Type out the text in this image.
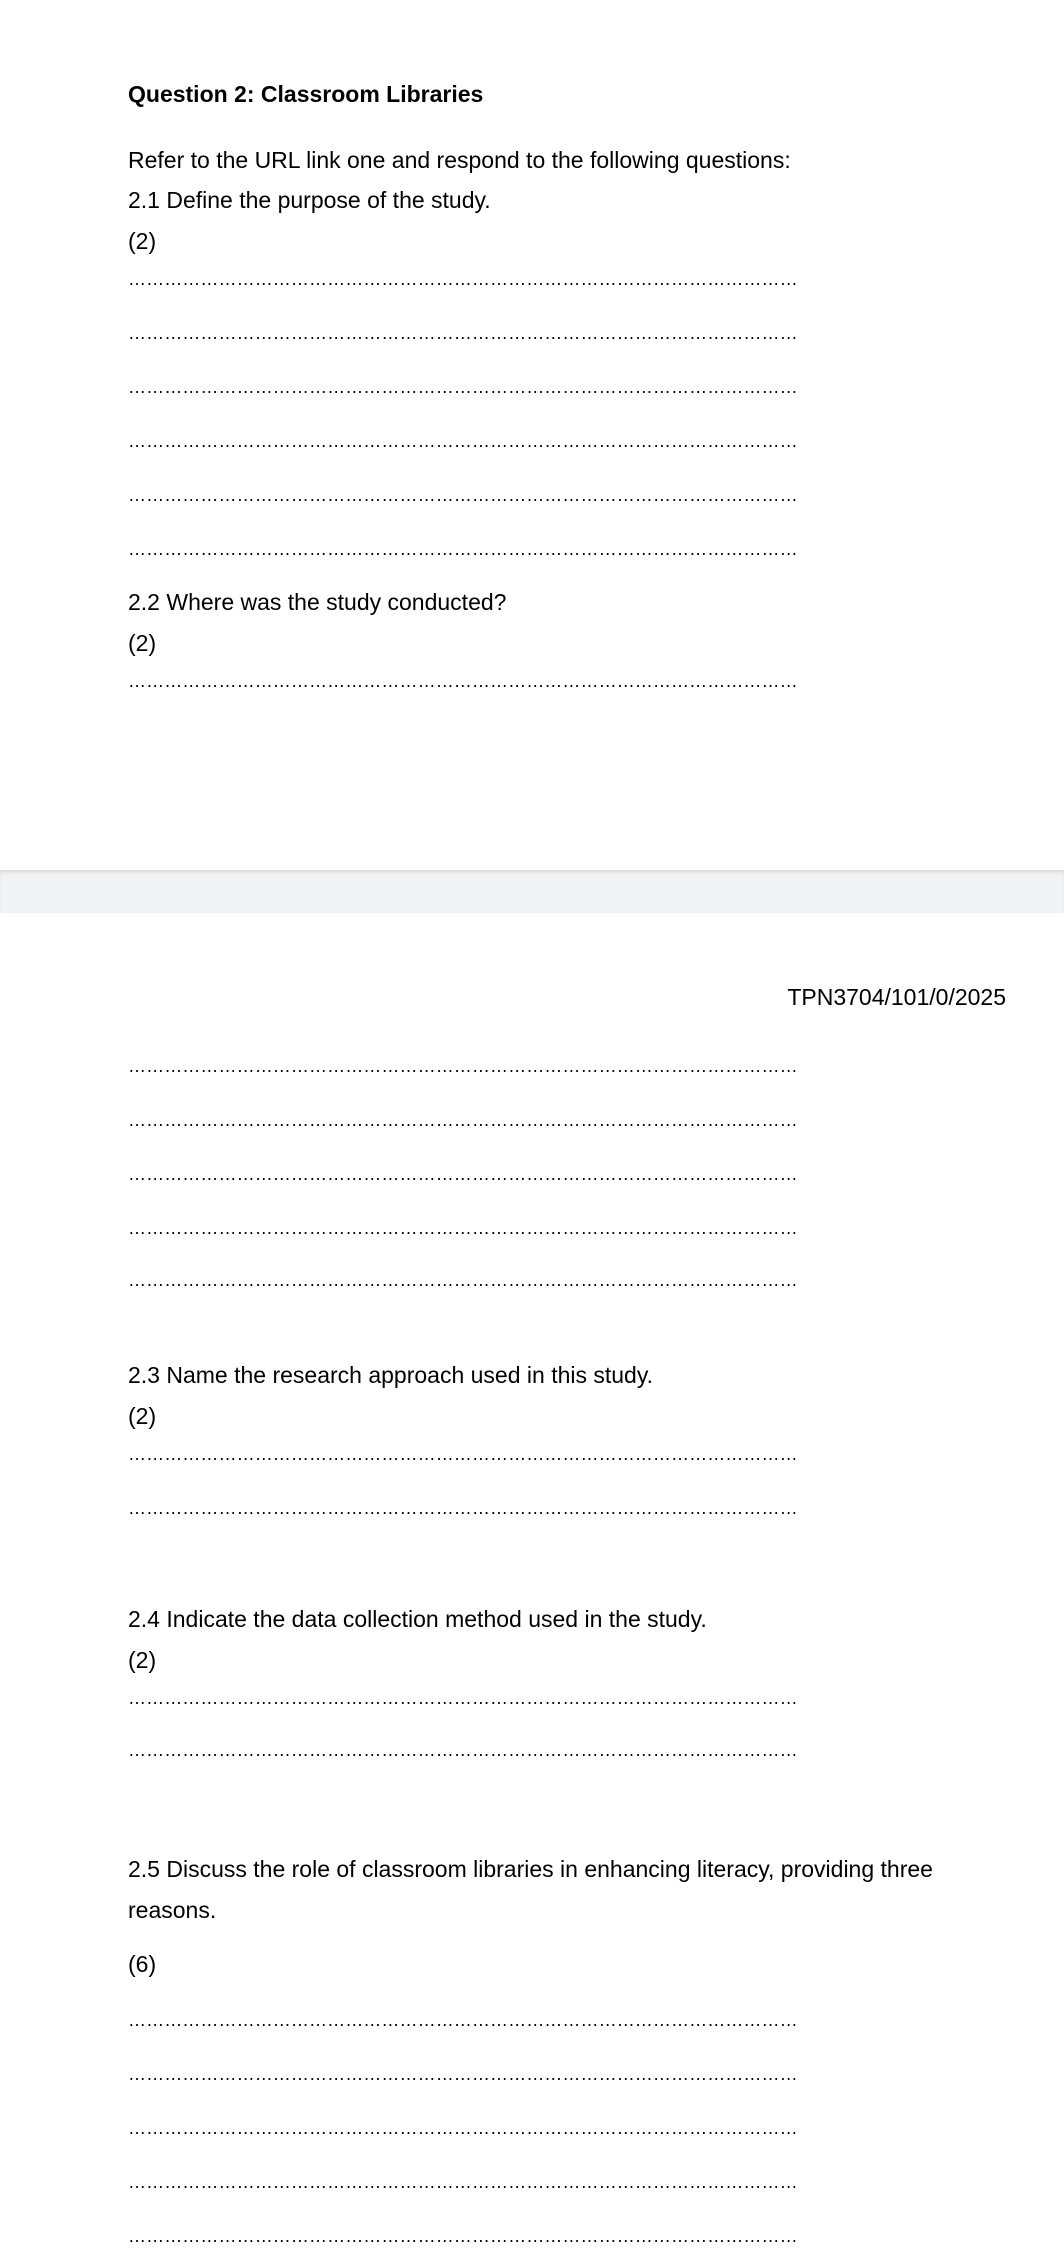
Question 2: Classroom Libraries
Refer to the URL link one and respond to the following questions:
2.1 Define the purpose of the study.
(2)
…………………………………………………………………………………………………
…………………………………………………………………………………………………
…………………………………………………………………………………………………
…………………………………………………………………………………………………
…………………………………………………………………………………………………
…………………………………………………………………………………………………
2.2 Where was the study conducted?
(2)
…………………………………………………………………………………………………
TPN3704/101/0/2025
…………………………………………………………………………………………………
…………………………………………………………………………………………………
…………………………………………………………………………………………………
…………………………………………………………………………………………………
…………………………………………………………………………………………………
2.3 Name the research approach used in this study.
(2)
…………………………………………………………………………………………………
…………………………………………………………………………………………………
2.4 Indicate the data collection method used in the study.
(2)
…………………………………………………………………………………………………
…………………………………………………………………………………………………
2.5 Discuss the role of classroom libraries in enhancing literacy, providing three
reasons.
(6)
…………………………………………………………………………………………………
…………………………………………………………………………………………………
…………………………………………………………………………………………………
…………………………………………………………………………………………………
…………………………………………………………………………………………………
